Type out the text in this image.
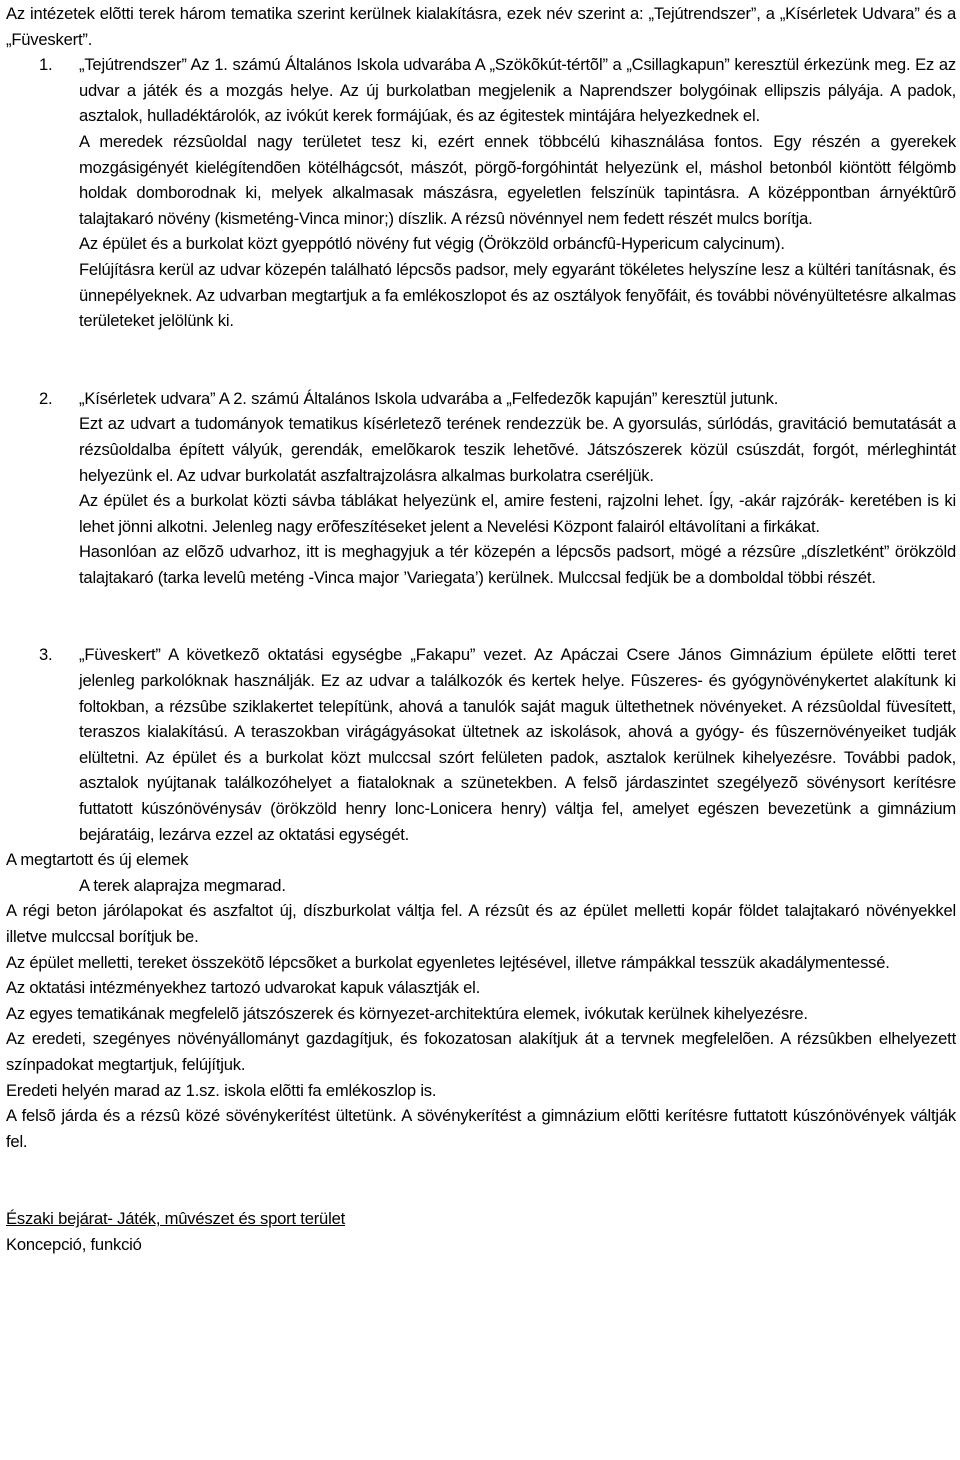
Az intézetek elõtti terek három tematika szerint kerülnek kialakításra, ezek név szerint a: „Tejútrendszer”, a „Kísérletek Udvara” és a „Füveskert”.

1. „Tejútrendszer” Az 1. számú Általános Iskola udvarába A „Szökõkút-tértõl” a „Csillagkapun” keresztül érkezünk meg. Ez az udvar a játék és a mozgás helye. Az új burkolatban megjelenik a Naprendszer bolygóinak ellipszis pályája. A padok, asztalok, hulladéktárolók, az ivókút kerek formájúak, és az égitestek mintájára helyezkednek el.

A meredek rézsûoldal nagy területet tesz ki, ezért ennek többcélú kihasználása fontos. Egy részén a gyerekek mozgásigényét kielégítendõen kötélhágcsót, mászót, pörgõ-forgóhintát helyezünk el, máshol betonból kiöntött félgömb holdak domborodnak ki, melyek alkalmasak mászásra, egyeletlen felszínük tapintásra. A középpontban árnyéktûrõ talajtakaró növény (kismeténg-Vinca minor;) díszlik. A rézsû növénnyel nem fedett részét mulcs borítja.

Az épület és a burkolat közt gyeppótló növény fut végig (Örökzöld orbáncfû-Hypericum calycinum).

Felújításra kerül az udvar közepén található lépcsõs padsor, mely egyaránt tökéletes helyszíne lesz a kültéri tanításnak, és ünnepélyeknek. Az udvarban megtartjuk a fa emlékoszlopot és az osztályok fenyõfáit, és további növényültetésre alkalmas területeket jelölünk ki.

2. „Kísérletek udvara” A 2. számú Általános Iskola udvarába a „Felfedezõk kapuján” keresztül jutunk.

Ezt az udvart a tudományok tematikus kísérletezõ terének rendezzük be. A gyorsulás, súrlódás, gravitáció bemutatását a rézsûoldalba épített vályúk, gerendák, emelõkarok teszik lehetõvé. Játszószerek közül csúszdát, forgót, mérleghintát helyezünk el. Az udvar burkolatát aszfaltrajzolásra alkalmas burkolatra cseréljük.

Az épület és a burkolat közti sávba táblákat helyezünk el, amire festeni, rajzolni lehet. Így, -akár rajzórák- keretében is ki lehet jönni alkotni. Jelenleg nagy erõfeszítéseket jelent a Nevelési Központ falairól eltávolítani a firkákat.

Hasonlóan az elõzõ udvarhoz, itt is meghagyjuk a tér közepén a lépcsõs padsort, mögé a rézsûre „díszletként” örökzöld talajtakaró (tarka levelû meténg -Vinca major ’Variegata’) kerülnek. Mulccsal fedjük be a domboldal többi részét.

3. „Füveskert” A következõ oktatási egységbe „Fakapu” vezet. Az Apáczai Csere János Gimnázium épülete elõtti teret jelenleg parkolóknak használják. Ez az udvar a találkozók és kertek helye. Fûszeres- és gyógynövénykertet alakítunk ki foltokban, a rézsûbe sziklakertet telepítünk, ahová a tanulók saját maguk ültethetnek növényeket. A rézsûoldal füvesített, teraszos kialakítású. A teraszokban virágágyásokat ültetnek az iskolások, ahová a gyógy- és fûszernövényeiket tudják elültetni. Az épület és a burkolat közt mulccsal szórt felületen padok, asztalok kerülnek kihelyezésre. További padok, asztalok nyújtanak találkozóhelyet a fiataloknak a szünetekben. A felsõ járdaszintet szegélyezõ sövénysort kerítésre futtatott kúszónövénysáv (örökzöld henry lonc-Lonicera henry) váltja fel, amelyet egészen bevezetünk a gimnázium bejáratáig, lezárva ezzel az oktatási egységét.

A megtartott és új elemek

A terek alaprajza megmarad.

A régi beton járólapokat és aszfaltot új, díszburkolat váltja fel. A rézsût és az épület melletti kopár földet talajtakaró növényekkel illetve mulccsal borítjuk be.

Az épület melletti, tereket összekötõ lépcsõket a burkolat egyenletes lejtésével, illetve rámpákkal tesszük akadálymentessé.

Az oktatási intézményekhez tartozó udvarokat kapuk választják el.

Az egyes tematikának megfelelõ játszószerek és környezet-architektúra elemek, ivókutak kerülnek kihelyezésre.

Az eredeti, szegényes növényállományt gazdagítjuk, és fokozatosan alakítjuk át a tervnek megfelelõen. A rézsûkben elhelyezett színpadokat megtartjuk, felújítjuk.

Eredeti helyén marad az 1.sz. iskola elõtti fa emlékoszlop is.

A felsõ járda és a rézsû közé sövénykerítést ültetünk. A sövénykerítést a gimnázium elõtti kerítésre futtatott kúszónövények váltják fel.

Északi bejárat- Játék, mûvészet és sport terület

Koncepció, funkció
